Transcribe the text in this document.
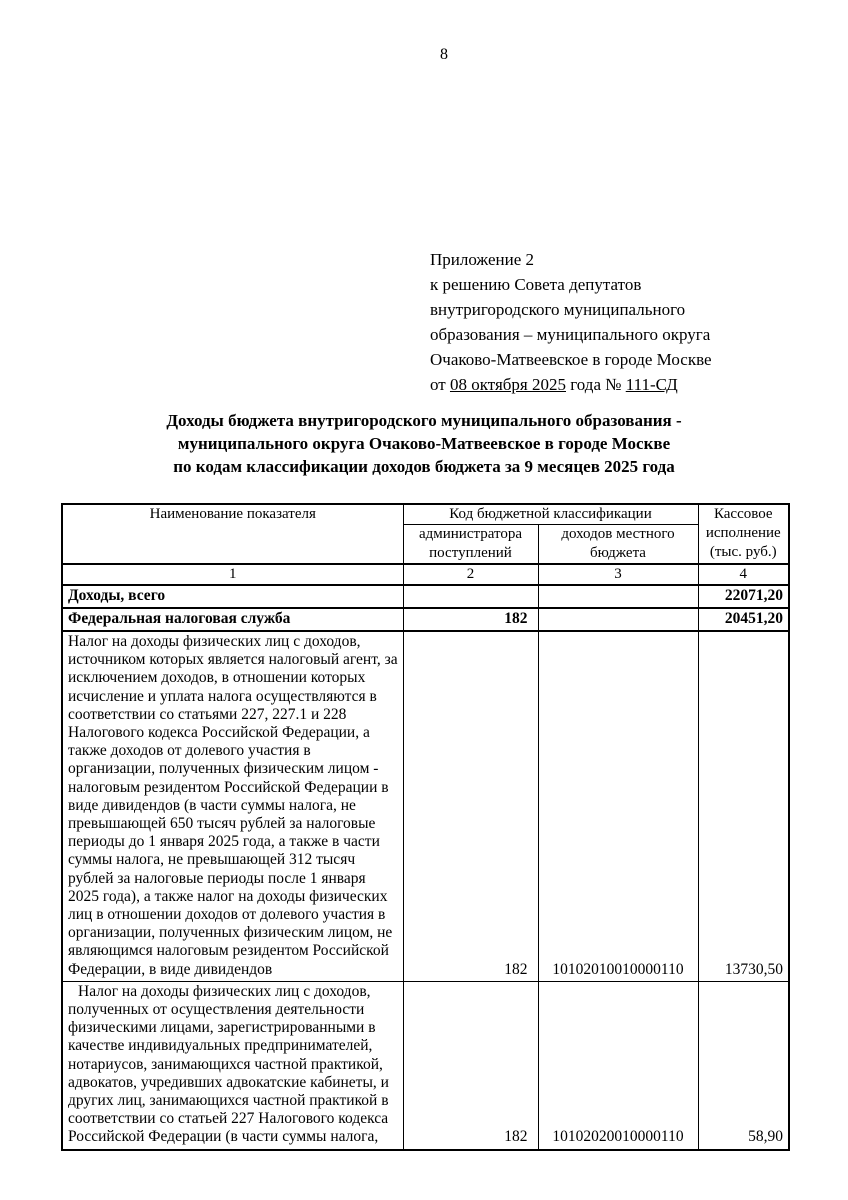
8
Приложение 2
к решению Совета депутатов
внутригородского муниципального
образования – муниципального округа
Очаково-Матвеевское в городе Москве
от 08 октября 2025 года № 111-СД
Доходы бюджета внутригородского муниципального образования -
муниципального округа Очаково-Матвеевское в городе Москве
по кодам классификации доходов бюджета за 9 месяцев 2025 года
Наименование показателя	Код бюджетной классификации		Кассовое исполнение (тыс. руб.)
	администратора поступлений	доходов местного бюджета	
1	2	3	4
Доходы, всего			22071,20
Федеральная налоговая служба	182		20451,20
Налог на доходы физических лиц с доходов, источником которых является налоговый агент, за исключением доходов, в отношении которых исчисление и уплата налога осуществляются в соответствии со статьями 227, 227.1 и 228 Налогового кодекса Российской Федерации, а также доходов от долевого участия в организации, полученных физическим лицом - налоговым резидентом Российской Федерации в виде дивидендов (в части суммы налога, не превышающей 650 тысяч рублей за налоговые периоды до 1 января 2025 года, а также в части суммы налога, не превышающей 312 тысяч рублей за налоговые периоды после 1 января 2025 года), а также налог на доходы физических лиц в отношении доходов от долевого участия в организации, полученных физическим лицом, не являющимся налоговым резидентом Российской Федерации, в виде дивидендов	182	10102010010000110	13730,50
Налог на доходы физических лиц с доходов, полученных от осуществления деятельности физическими лицами, зарегистрированными в качестве индивидуальных предпринимателей, нотариусов, занимающихся частной практикой, адвокатов, учредивших адвокатские кабинеты, и других лиц, занимающихся частной практикой в соответствии со статьей 227 Налогового кодекса Российской Федерации (в части суммы налога,	182	10102020010000110	58,90
